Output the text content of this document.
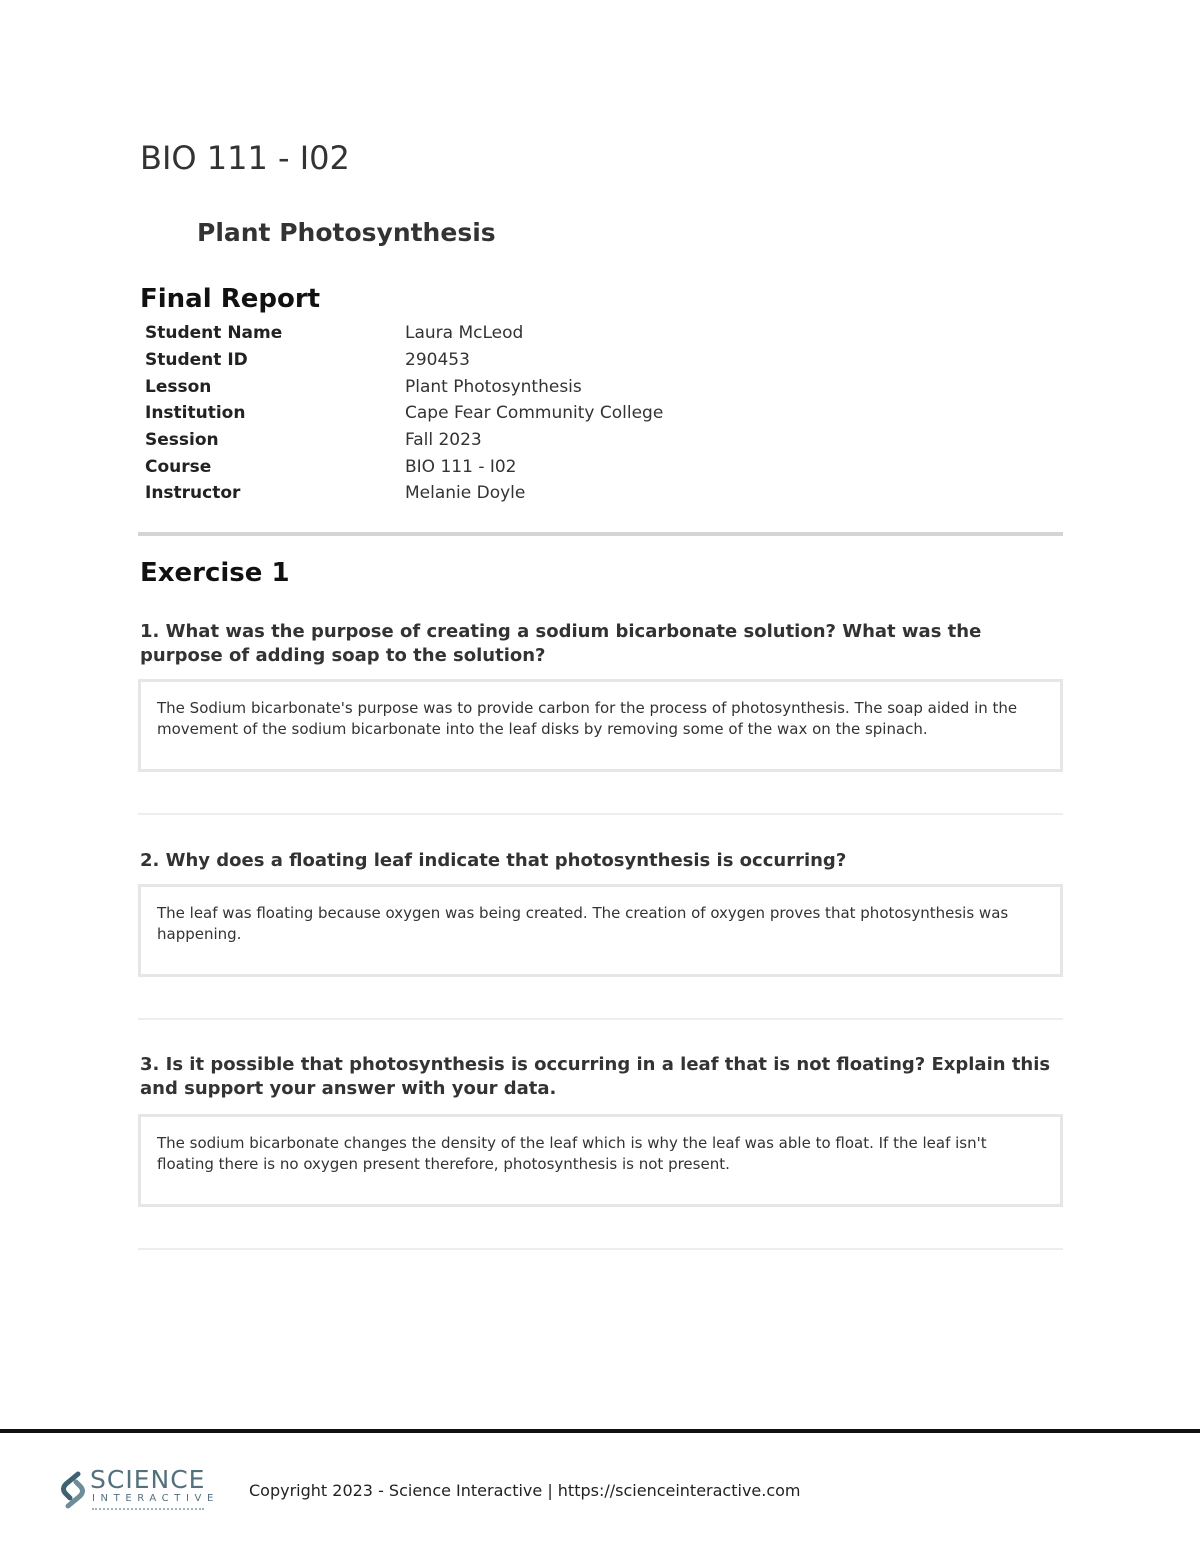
BIO 111 - I02
Plant Photosynthesis
Final Report
Student Name	Laura McLeod
Student ID	290453
Lesson	Plant Photosynthesis
Institution	Cape Fear Community College
Session	Fall 2023
Course	BIO 111 - I02
Instructor	Melanie Doyle
Exercise 1

1. What was the purpose of creating a sodium bicarbonate solution? What was the purpose of adding soap to the solution?

The Sodium bicarbonate's purpose was to provide carbon for the process of photosynthesis. The soap aided in the movement of the sodium bicarbonate into the leaf disks by removing some of the wax on the spinach.

2. Why does a floating leaf indicate that photosynthesis is occurring?

The leaf was floating because oxygen was being created. The creation of oxygen proves that photosynthesis was happening.

3. Is it possible that photosynthesis is occurring in a leaf that is not floating? Explain this and support your answer with your data.

The sodium bicarbonate changes the density of the leaf which is why the leaf was able to float. If the leaf isn't floating there is no oxygen present therefore, photosynthesis is not present.
SCIENCE
INTERACTIVE Copyright 2023 - Science Interactive | https://scienceinteractive.com
